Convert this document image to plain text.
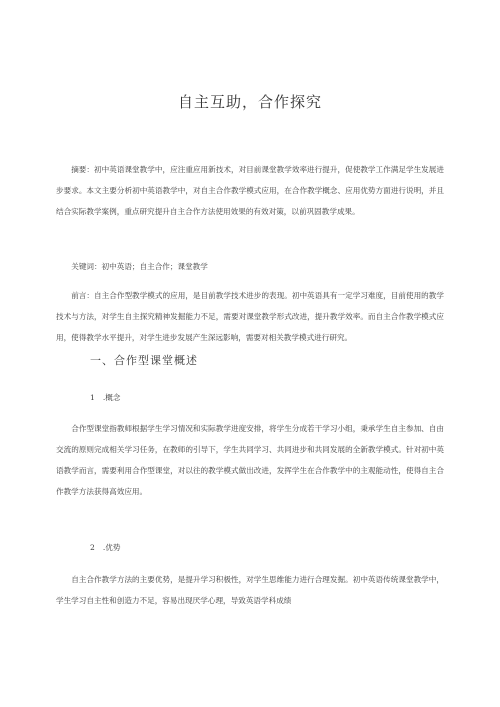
自主互助，合作探究
摘要：初中英语课堂教学中，应注重应用新技术，对目前课堂教学效率进行提升，促使教学工作满足学生发展进步要求。本文主要分析初中英语教学中，对自主合作教学模式应用，在合作教学概念、应用优势方面进行说明，并且结合实际教学案例，重点研究提升自主合作方法使用效果的有效对策，以前巩固教学成果。
关键词：初中英语；自主合作；课堂教学
前言：自主合作型教学模式的应用，是目前教学技术进步的表现。初中英语具有一定学习难度，目前使用的教学技术与方法，对学生自主探究精神发掘能力不足，需要对课堂教学形式改进，提升教学效率。而自主合作教学模式应用，使得教学水平提升，对学生进步发展产生深远影响，需要对相关教学模式进行研究。
一、合作型课堂概述
1 .概念
合作型课堂指教师根据学生学习情况和实际教学进度安排，将学生分成若干学习小组，秉承学生自主参加、自由交流的原则完成相关学习任务，在教师的引导下，学生共同学习、共同进步和共同发展的全新教学模式。针对初中英语教学而言，需要利用合作型课堂，对以往的教学模式做出改进，发挥学生在合作教学中的主观能动性，使得自主合作教学方法获得高效应用。
2 .优势
自主合作教学方法的主要优势，是提升学习积极性，对学生思维能力进行合理发掘。初中英语传统课堂教学中，学生学习自主性和创造力不足，容易出现厌学心理，导致英语学科成绩
